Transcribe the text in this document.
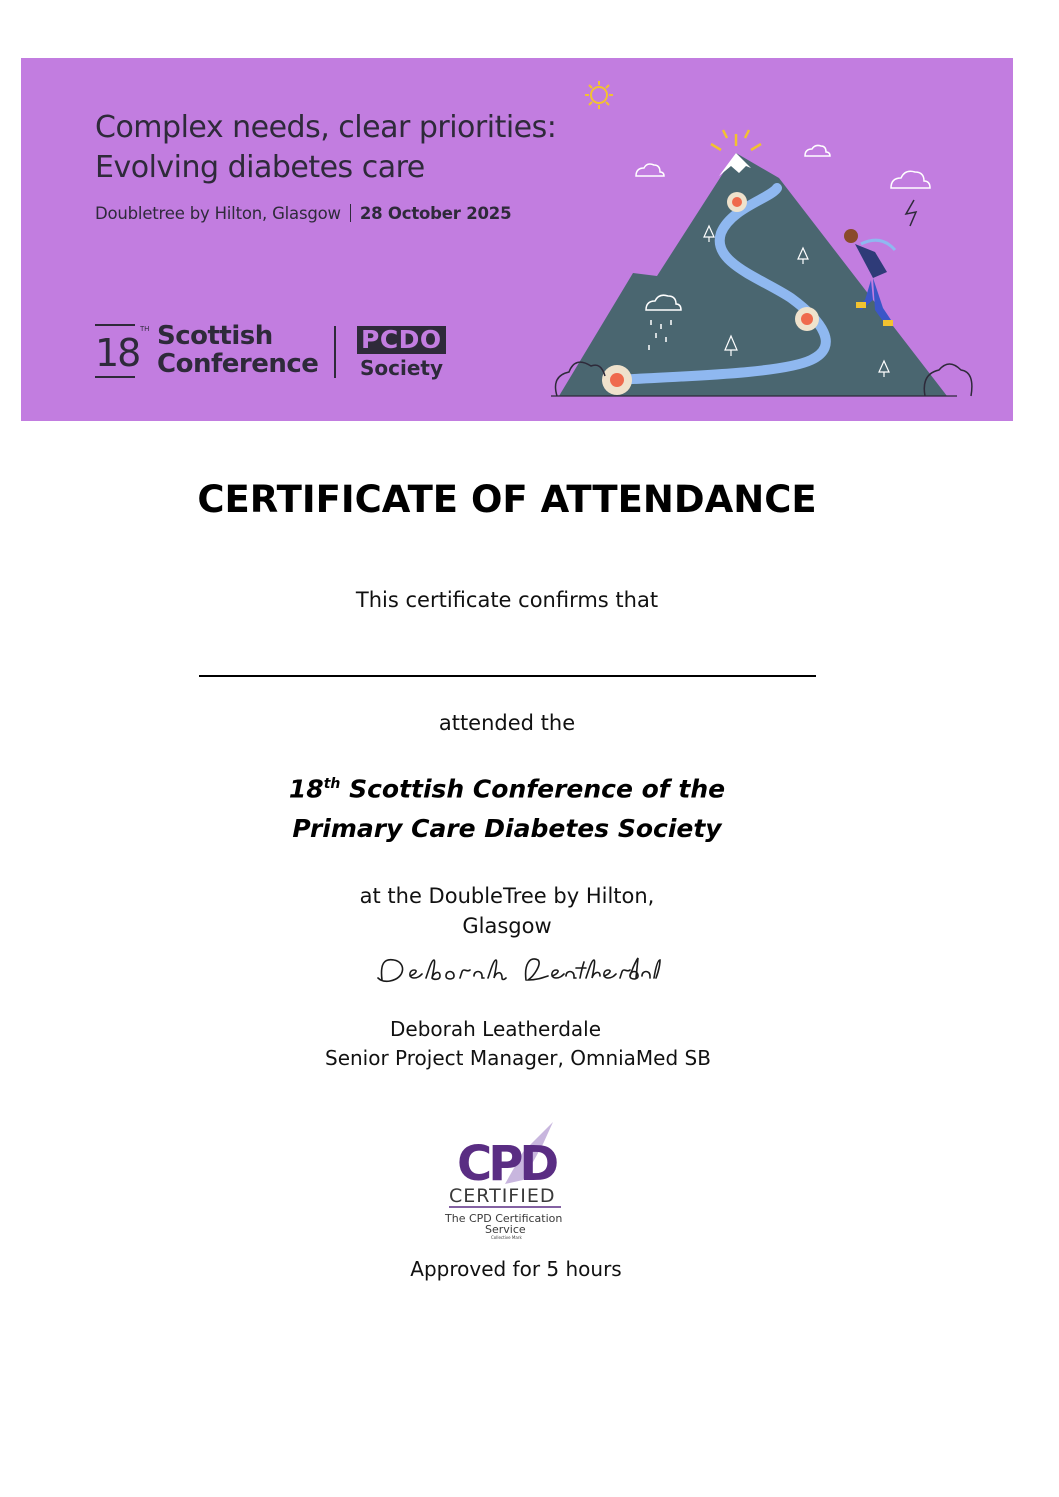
Complex needs, clear priorities:
Evolving diabetes care
Doubletree by Hilton, Glasgow 28 October 2025
18
TH Scottish
Conference
PCDO
Society
CERTIFICATE OF ATTENDANCE
This certificate confirms that
attended the
18th Scottish Conference of the
Primary Care Diabetes Society
at the DoubleTree by Hilton,
Glasgow
Deborah Leatherdale
Senior Project Manager, OmniaMed SB
CPD
CERTIFIED
The CPD Certification
Service
Collective Mark
Approved for 5 hours
